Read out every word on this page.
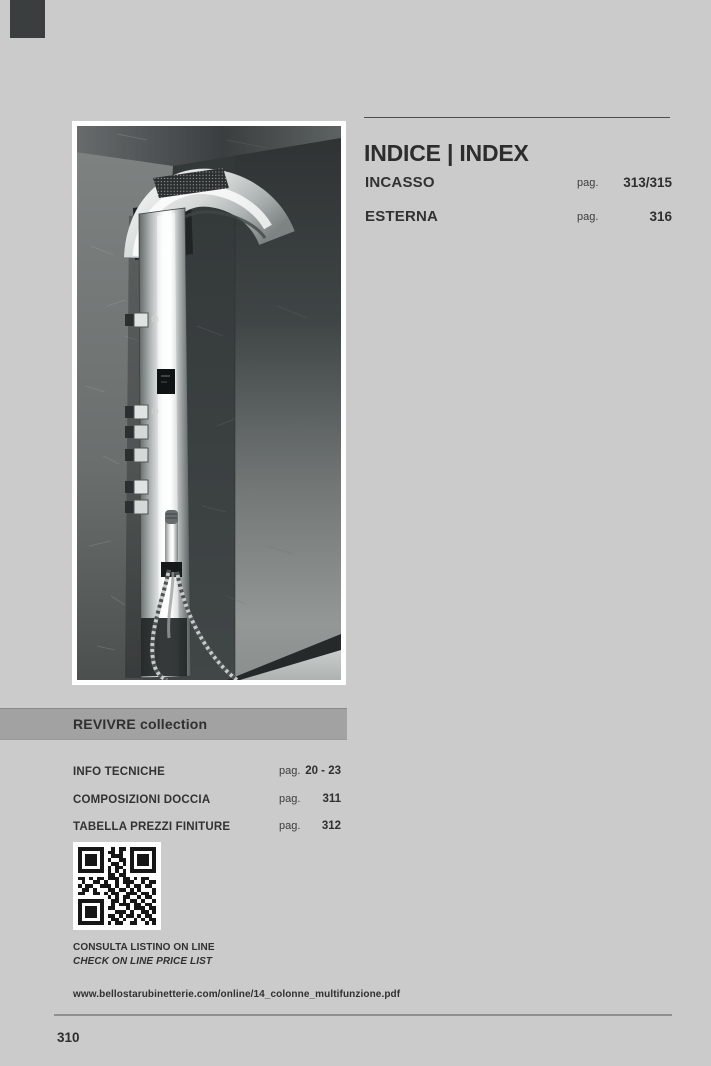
INDICE | INDEX
INCASSO	pag. 313/315
ESTERNA	pag.	316
REVIVRE collection
INFO TECNICHE	pag. 20 - 23
COMPOSIZIONI DOCCIA	pag. 311
TABELLA PREZZI FINITURE	pag. 312
CONSULTA LISTINO ON LINE
CHECK ON LINE PRICE LIST
www.bellostarubinetterie.com/online/14_colonne_multifunzione.pdf
310
